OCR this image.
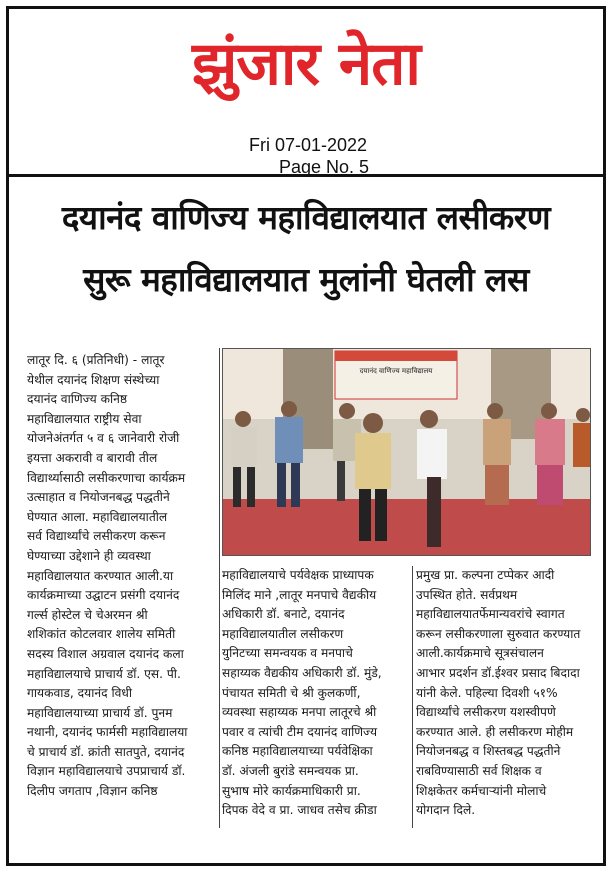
झुंजार नेता
Fri 07-01-2022
Page No. 5
दयानंद वाणिज्य महाविद्यालयात लसीकरण
सुरू महाविद्यालयात मुलांनी घेतली लस
लातूर दि. ६ (प्रतिनिधी) - लातूर
येथील दयानंद शिक्षण संस्थेच्या
दयानंद वाणिज्य कनिष्ठ
महाविद्यालयात राष्ट्रीय सेवा
योजनेअंतर्गत ५ व ६ जानेवारी रोजी
इयत्ता अकरावी व बारावी तील
विद्यार्थ्यासाठी लसीकरणाचा कार्यक्रम
उत्साहात व नियोजनबद्ध पद्धतीने
घेण्यात आला. महाविद्यालयातील
सर्व विद्यार्थ्यांचे लसीकरण करून
घेण्याच्या उद्देशाने ही व्यवस्था
महाविद्यालयात करण्यात आली.या
कार्यक्रमाच्या उद्घाटन प्रसंगी दयानंद
गर्ल्स होस्टेल चे चेअरमन श्री
शशिकांत कोटलवार शालेय समिती
सदस्य विशाल अग्रवाल दयानंद कला
महाविद्यालयाचे प्राचार्य डॉ. एस. पी.
गायकवाड, दयानंद विधी
महाविद्यालयाच्या प्राचार्य डॉ. पुनम
नथानी, दयानंद फार्मसी महाविद्यालया
चे प्राचार्य डॉ. क्रांती सातपुते, दयानंद
विज्ञान महाविद्यालयाचे उपप्राचार्य डॉ.
दिलीप जगताप ,विज्ञान कनिष्ठ
दयानंद वाणिज्य महाविद्यालय
महाविद्यालयाचे पर्यवेक्षक प्राध्यापक
मिलिंद माने ,लातूर मनपाचे वैद्यकीय
अधिकारी डॉ. बनाटे, दयानंद
महाविद्यालयातील लसीकरण
युनिटच्या समन्वयक व मनपाचे
सहाय्यक वैद्यकीय अधिकारी डॉ. मुंडे,
पंचायत समिती चे श्री कुलकर्णी,
व्यवस्था सहाय्यक मनपा लातूरचे श्री
पवार व त्यांची टीम दयानंद वाणिज्य
कनिष्ठ महाविद्यालयाच्या पर्यवेक्षिका
डॉ. अंजली बुरांडे समन्वयक प्रा.
सुभाष मोरे कार्यक्रमाधिकारी प्रा.
दिपक वेदे व प्रा. जाधव तसेच क्रीडा
प्रमुख प्रा. कल्पना टप्पेकर आदी
उपस्थित होते. सर्वप्रथम
महाविद्यालयातर्फेमान्यवरांचे स्वागत
करून लसीकरणाला सुरुवात करण्यात
आली.कार्यक्रमाचे सूत्रसंचालन
आभार प्रदर्शन डॉ.ईश्वर प्रसाद बिदादा
यांनी केले. पहिल्या दिवशी ५१%
विद्यार्थ्यांचे लसीकरण यशस्वीपणे
करण्यात आले. ही लसीकरण मोहीम
नियोजनबद्ध व शिस्तबद्ध पद्धतीने
राबविण्यासाठी सर्व शिक्षक व
शिक्षकेतर कर्मचाऱ्यांनी मोलाचे
योगदान दिले.
